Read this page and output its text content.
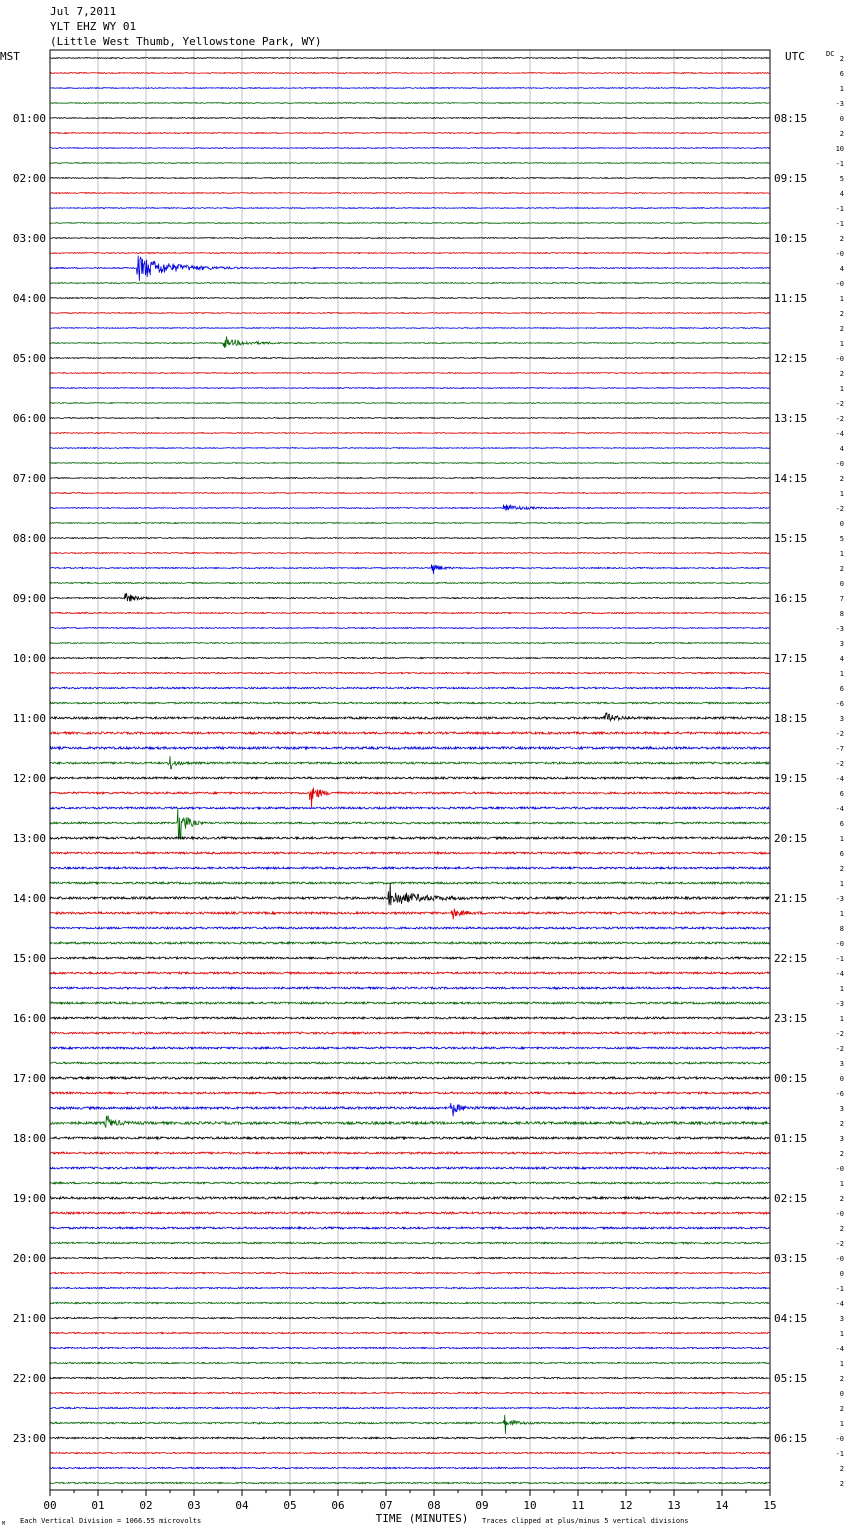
Jul 7,2011
YLT EHZ WY 01
(Little West Thumb, Yellowstone Park, WY)
MST	UTC	DC
01:00
02:00
03:00
04:00
05:00
06:00
07:00
08:00
09:00
10:00
11:00
12:00
13:00
14:00
15:00
16:00
17:00
18:00
19:00
20:00
21:00
22:00
23:00
08:15
09:15
10:15
11:15
12:15
13:15
14:15
15:15
16:15
17:15
18:15
19:15
20:15
21:15
22:15
23:15
00:15
01:15
02:15
03:15
04:15
05:15
06:15
2
6
1
-3
0
2
10
-1
5
4
-1
-1
2
-0
4
-0
1
2
2
1
-0
2
1
-2
-2
-4
4
-0
2
1
-2
0
5
1
2
0
7
8
-3
3
4
1
6
-6
3
-2
-7
-2
-4
6
-4
6
1
6
2
1
-3
1
8
-0
-1
-4
1
-3
1
-2
-2
3
0
-6
3
2
3
2
-0
1
2
-0
2
-2
-0
0
-1
-4
3
1
-4
1
2
0
2
1
-0
-1
2
2
00	01	02	03	04	05	06	07	08	09	10	11	12	13	14	15
TIME (MINUTES)
Each Vertical Division = 1066.55 microvolts	Traces clipped at plus/minus 5 vertical divisions
M
